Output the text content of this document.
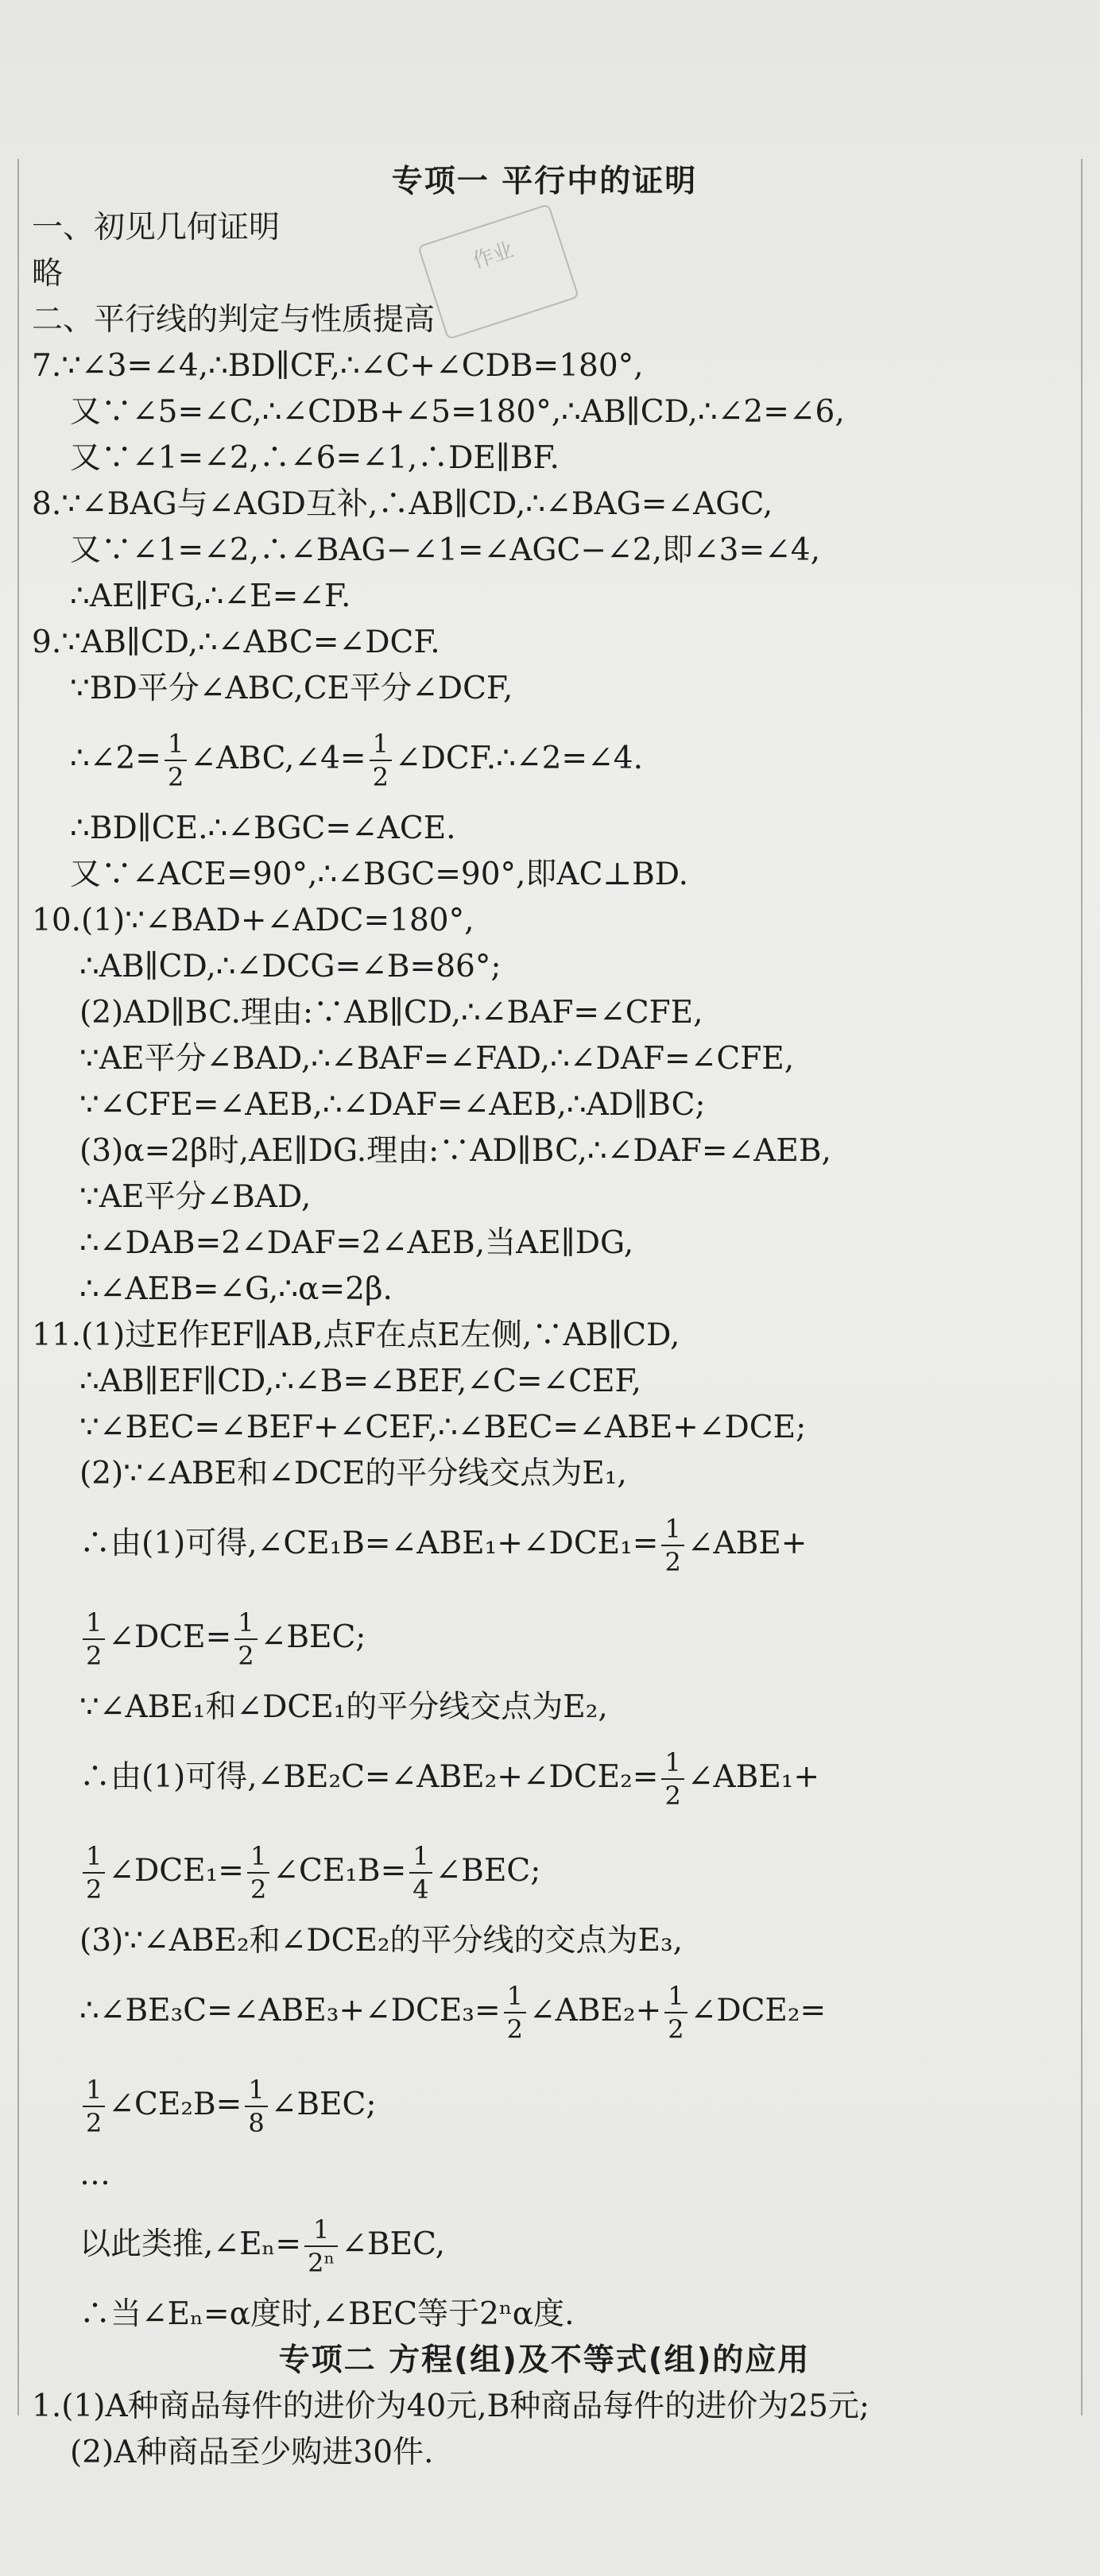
作业
专项一 平行中的证明
一、初见几何证明
略
二、平行线的判定与性质提高
7.∵∠3=∠4,∴BD∥CF,∴∠C+∠CDB=180°,
又∵∠5=∠C,∴∠CDB+∠5=180°,∴AB∥CD,∴∠2=∠6,
又∵∠1=∠2,∴∠6=∠1,∴DE∥BF.
8.∵∠BAG与∠AGD互补,∴AB∥CD,∴∠BAG=∠AGC,
又∵∠1=∠2,∴∠BAG−∠1=∠AGC−∠2,即∠3=∠4,
∴AE∥FG,∴∠E=∠F.
9.∵AB∥CD,∴∠ABC=∠DCF.
∵BD平分∠ABC,CE平分∠DCF,
∴∠2= $\frac{1}{2}$ ∠ABC,∠4= $\frac{1}{2}$ ∠DCF.∴∠2=∠4.
∴BD∥CE.∴∠BGC=∠ACE.
又∵∠ACE=90°,∴∠BGC=90°,即AC⊥BD.
10.(1)∵∠BAD+∠ADC=180°,
∴AB∥CD,∴∠DCG=∠B=86°;
(2)AD∥BC.理由:∵AB∥CD,∴∠BAF=∠CFE,
∵AE平分∠BAD,∴∠BAF=∠FAD,∴∠DAF=∠CFE,
∵∠CFE=∠AEB,∴∠DAF=∠AEB,∴AD∥BC;
(3)α=2β时,AE∥DG.理由:∵AD∥BC,∴∠DAF=∠AEB,
∵AE平分∠BAD,
∴∠DAB=2∠DAF=2∠AEB,当AE∥DG,
∴∠AEB=∠G,∴α=2β.
11.(1)过E作EF∥AB,点F在点E左侧,∵AB∥CD,
∴AB∥EF∥CD,∴∠B=∠BEF,∠C=∠CEF,
∵∠BEC=∠BEF+∠CEF,∴∠BEC=∠ABE+∠DCE;
(2)∵∠ABE和∠DCE的平分线交点为E₁,
∴由(1)可得,∠CE₁B=∠ABE₁+∠DCE₁= $\frac{1}{2}$ ∠ABE+
$\frac{1}{2}$ ∠DCE= $\frac{1}{2}$ ∠BEC;
∵∠ABE₁和∠DCE₁的平分线交点为E₂,
∴由(1)可得,∠BE₂C=∠ABE₂+∠DCE₂= $\frac{1}{2}$ ∠ABE₁+
$\frac{1}{2}$ ∠DCE₁= $\frac{1}{2}$ ∠CE₁B= $\frac{1}{4}$ ∠BEC;
(3)∵∠ABE₂和∠DCE₂的平分线的交点为E₃,
∴∠BE₃C=∠ABE₃+∠DCE₃= $\frac{1}{2}$ ∠ABE₂+ $\frac{1}{2}$ ∠DCE₂=
$\frac{1}{2}$ ∠CE₂B= $\frac{1}{8}$ ∠BEC;
…
以此类推,∠Eₙ= $\frac{1}{\text{2ⁿ}}$ ∠BEC,
∴当∠Eₙ=α度时,∠BEC等于2ⁿα度.
专项二 方程(组)及不等式(组)的应用
1.(1)A种商品每件的进价为40元,B种商品每件的进价为25元;
(2)A种商品至少购进30件.
